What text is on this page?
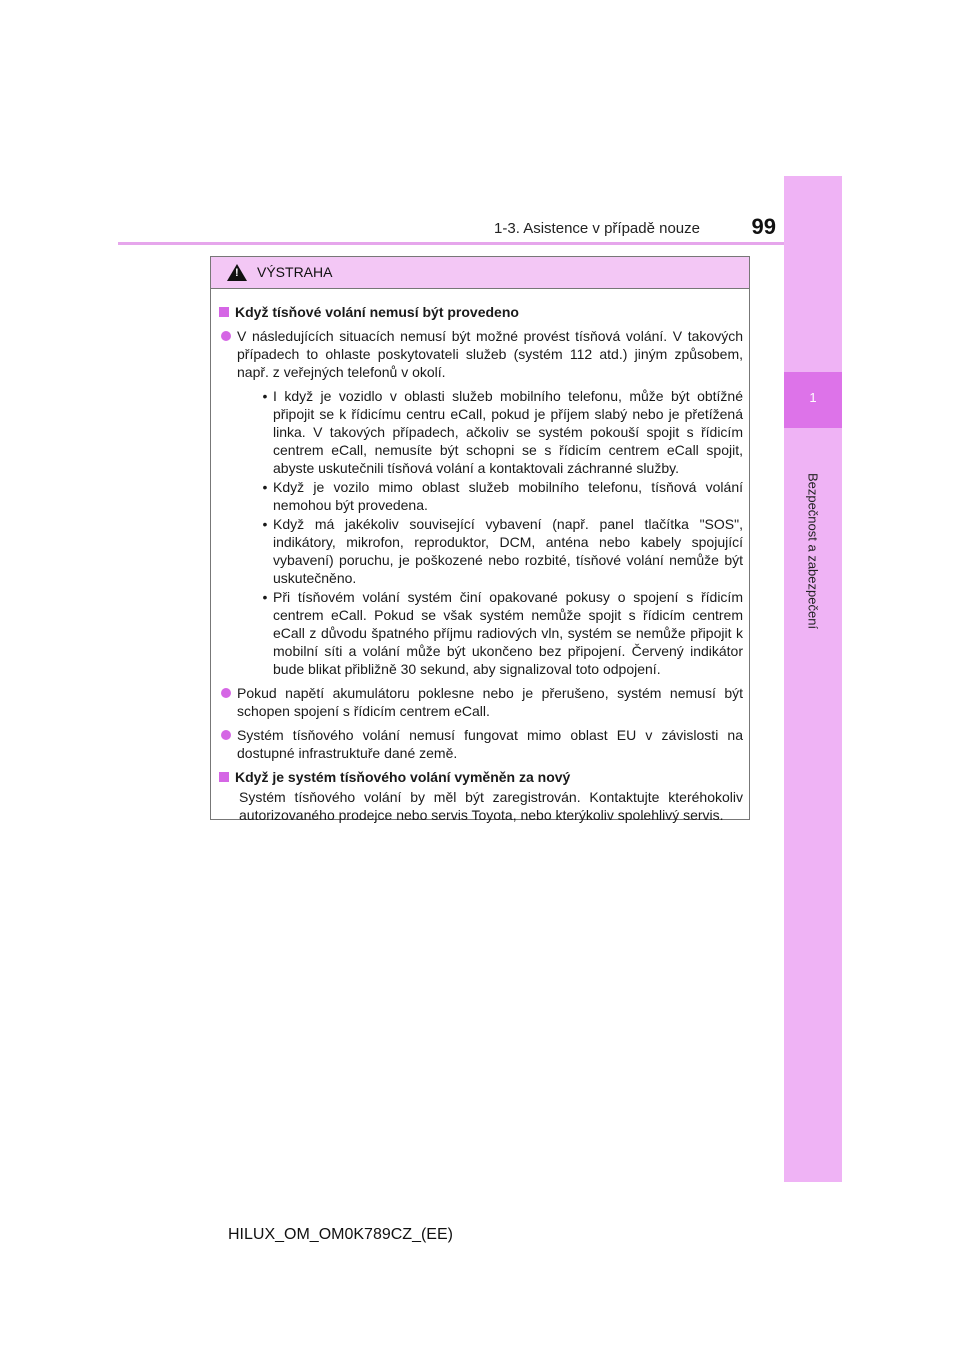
1-3. Asistence v případě nouze	99
1
Bezpečnost a zabezpečení
! VÝSTRAHA
Když tísňové volání nemusí být provedeno
V následujících situacích nemusí být možné provést tísňová volání. V takových případech to ohlaste poskytovateli služeb (systém 112 atd.) jiným způsobem, např. z veřejných telefonů v okolí.
• I když je vozidlo v oblasti služeb mobilního telefonu, může být obtížné připojit se k řídicímu centru eCall, pokud je příjem slabý nebo je přetížená linka. V takových případech, ačkoliv se systém pokouší spojit s řídicím centrem eCall, nemusíte být schopni se s řídicím centrem eCall spojit, abyste uskutečnili tísňová volání a kontaktovali záchranné služby.
• Když je vozilo mimo oblast služeb mobilního telefonu, tísňová volání nemohou být provedena.
• Když má jakékoliv související vybavení (např. panel tlačítka "SOS", indikátory, mikrofon, reproduktor, DCM, anténa nebo kabely spojující vybavení) poruchu, je poškozené nebo rozbité, tísňové volání nemůže být uskutečněno.
• Při tísňovém volání systém činí opakované pokusy o spojení s řídicím centrem eCall. Pokud se však systém nemůže spojit s řídicím centrem eCall z důvodu špatného příjmu radiových vln, systém se nemůže připojit k mobilní síti a volání může být ukončeno bez připojení. Červený indikátor bude blikat přibližně 30 sekund, aby signalizoval toto odpojení.
Pokud napětí akumulátoru poklesne nebo je přerušeno, systém nemusí být schopen spojení s řídicím centrem eCall.
Systém tísňového volání nemusí fungovat mimo oblast EU v závislosti na dostupné infrastruktuře dané země.
Když je systém tísňového volání vyměněn za nový
Systém tísňového volání by měl být zaregistrován. Kontaktujte kteréhokoliv autorizovaného prodejce nebo servis Toyota, nebo kterýkoliv spolehlivý servis.
HILUX_OM_OM0K789CZ_(EE)
